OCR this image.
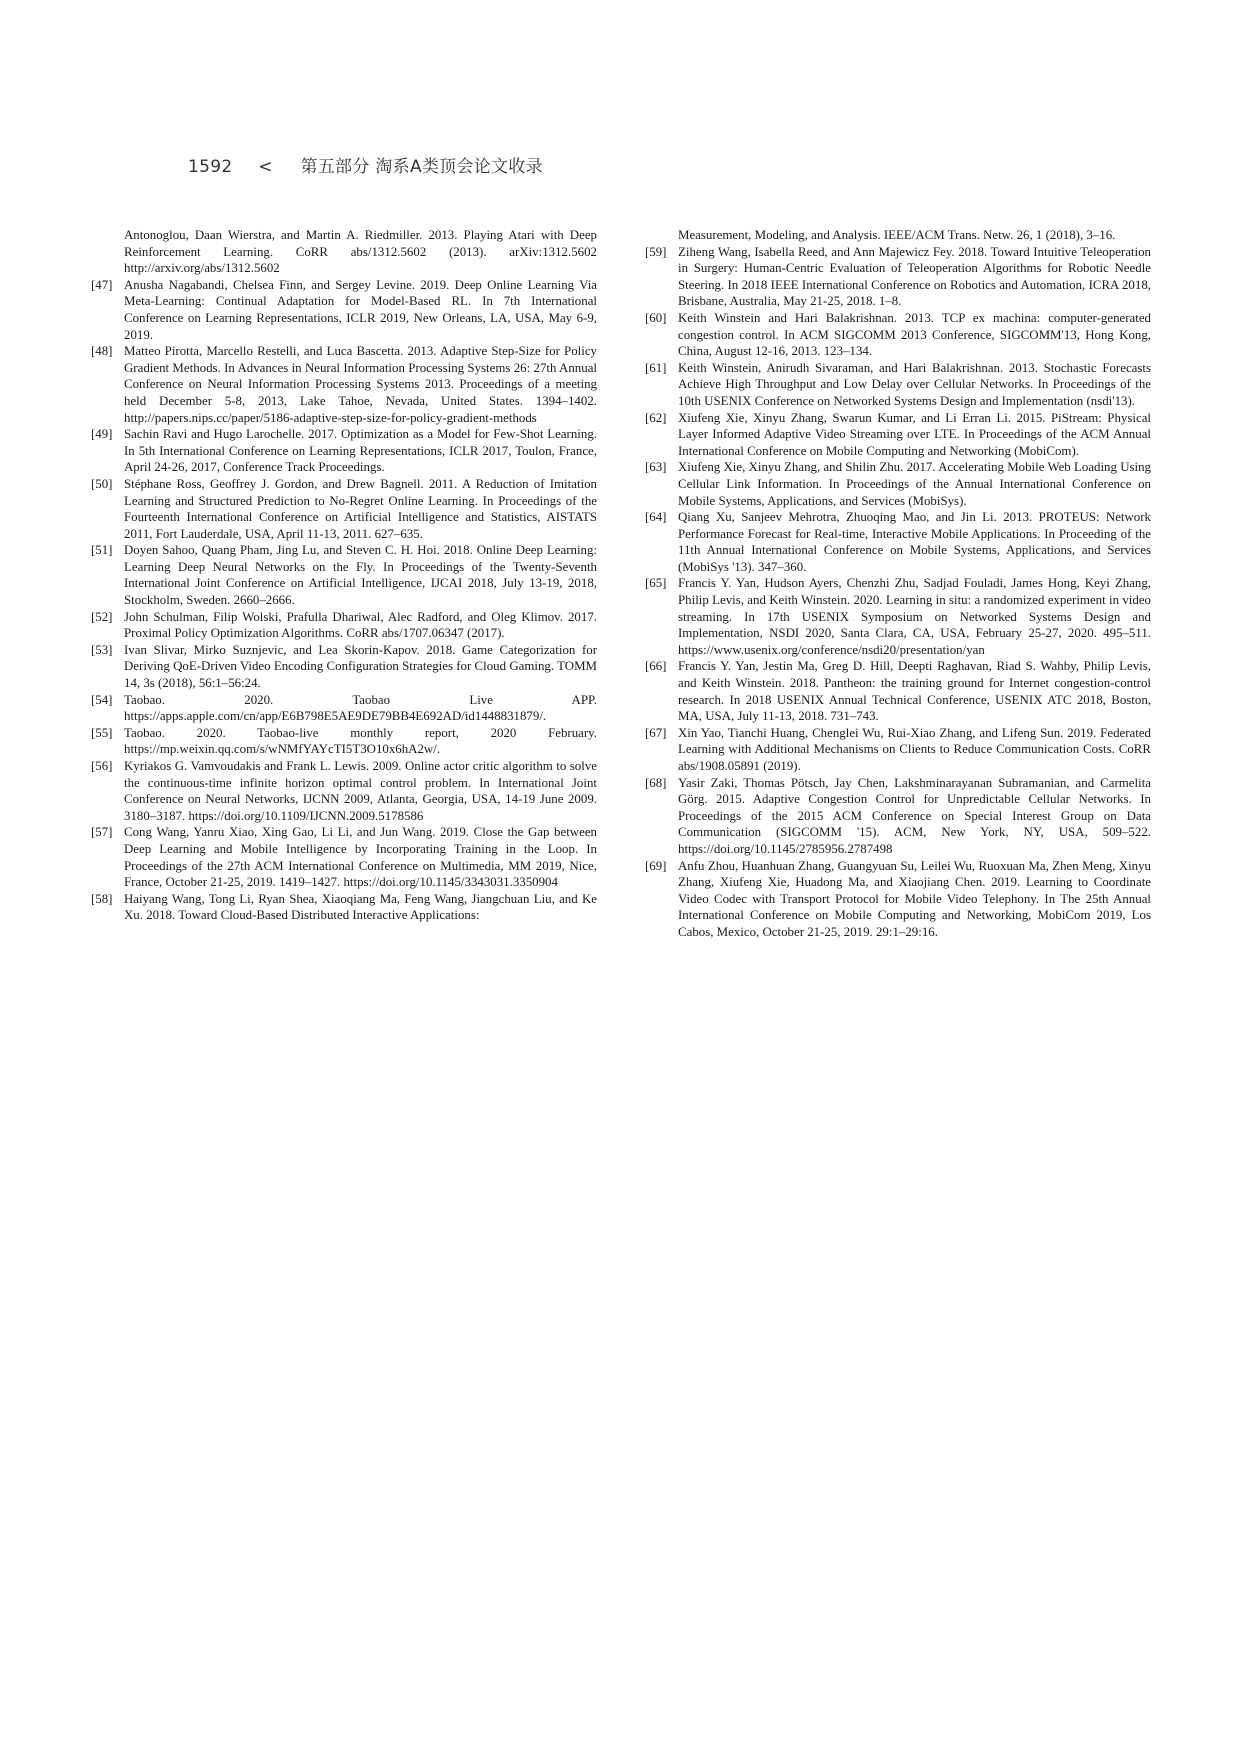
1592 < 第五部分 淘系A类顶会论文收录
Antonoglou, Daan Wierstra, and Martin A. Riedmiller. 2013. Playing Atari with Deep Reinforcement Learning. CoRR abs/1312.5602 (2013). arXiv:1312.5602 http://arxiv.org/abs/1312.5602
[47] Anusha Nagabandi, Chelsea Finn, and Sergey Levine. 2019. Deep Online Learning Via Meta-Learning: Continual Adaptation for Model-Based RL. In 7th International Conference on Learning Representations, ICLR 2019, New Orleans, LA, USA, May 6-9, 2019.
[48] Matteo Pirotta, Marcello Restelli, and Luca Bascetta. 2013. Adaptive Step-Size for Policy Gradient Methods. In Advances in Neural Information Processing Systems 26: 27th Annual Conference on Neural Information Processing Systems 2013. Proceedings of a meeting held December 5-8, 2013, Lake Tahoe, Nevada, United States. 1394–1402. http://papers.nips.cc/paper/5186-adaptive-step-size-for-policy-gradient-methods
[49] Sachin Ravi and Hugo Larochelle. 2017. Optimization as a Model for Few-Shot Learning. In 5th International Conference on Learning Representations, ICLR 2017, Toulon, France, April 24-26, 2017, Conference Track Proceedings.
[50] Stéphane Ross, Geoffrey J. Gordon, and Drew Bagnell. 2011. A Reduction of Imitation Learning and Structured Prediction to No-Regret Online Learning. In Proceedings of the Fourteenth International Conference on Artificial Intelligence and Statistics, AISTATS 2011, Fort Lauderdale, USA, April 11-13, 2011. 627–635.
[51] Doyen Sahoo, Quang Pham, Jing Lu, and Steven C. H. Hoi. 2018. Online Deep Learning: Learning Deep Neural Networks on the Fly. In Proceedings of the Twenty-Seventh International Joint Conference on Artificial Intelligence, IJCAI 2018, July 13-19, 2018, Stockholm, Sweden. 2660–2666.
[52] John Schulman, Filip Wolski, Prafulla Dhariwal, Alec Radford, and Oleg Klimov. 2017. Proximal Policy Optimization Algorithms. CoRR abs/1707.06347 (2017).
[53] Ivan Slivar, Mirko Suznjevic, and Lea Skorin-Kapov. 2018. Game Categorization for Deriving QoE-Driven Video Encoding Configuration Strategies for Cloud Gaming. TOMM 14, 3s (2018), 56:1–56:24.
[54] Taobao. 2020. Taobao Live APP. https://apps.apple.com/cn/app/E6B798E5AE9DE79BB4E692AD/id1448831879/.
[55] Taobao. 2020. Taobao-live monthly report, 2020 February. https://mp.weixin.qq.com/s/wNMfYAYcTI5T3O10x6hA2w/.
[56] Kyriakos G. Vamvoudakis and Frank L. Lewis. 2009. Online actor critic algorithm to solve the continuous-time infinite horizon optimal control problem. In International Joint Conference on Neural Networks, IJCNN 2009, Atlanta, Georgia, USA, 14-19 June 2009. 3180–3187. https://doi.org/10.1109/IJCNN.2009.5178586
[57] Cong Wang, Yanru Xiao, Xing Gao, Li Li, and Jun Wang. 2019. Close the Gap between Deep Learning and Mobile Intelligence by Incorporating Training in the Loop. In Proceedings of the 27th ACM International Conference on Multimedia, MM 2019, Nice, France, October 21-25, 2019. 1419–1427. https://doi.org/10.1145/3343031.3350904
[58] Haiyang Wang, Tong Li, Ryan Shea, Xiaoqiang Ma, Feng Wang, Jiangchuan Liu, and Ke Xu. 2018. Toward Cloud-Based Distributed Interactive Applications:
Measurement, Modeling, and Analysis. IEEE/ACM Trans. Netw. 26, 1 (2018), 3–16.
[59] Ziheng Wang, Isabella Reed, and Ann Majewicz Fey. 2018. Toward Intuitive Teleoperation in Surgery: Human-Centric Evaluation of Teleoperation Algorithms for Robotic Needle Steering. In 2018 IEEE International Conference on Robotics and Automation, ICRA 2018, Brisbane, Australia, May 21-25, 2018. 1–8.
[60] Keith Winstein and Hari Balakrishnan. 2013. TCP ex machina: computer-generated congestion control. In ACM SIGCOMM 2013 Conference, SIGCOMM'13, Hong Kong, China, August 12-16, 2013. 123–134.
[61] Keith Winstein, Anirudh Sivaraman, and Hari Balakrishnan. 2013. Stochastic Forecasts Achieve High Throughput and Low Delay over Cellular Networks. In Proceedings of the 10th USENIX Conference on Networked Systems Design and Implementation (nsdi'13).
[62] Xiufeng Xie, Xinyu Zhang, Swarun Kumar, and Li Erran Li. 2015. PiStream: Physical Layer Informed Adaptive Video Streaming over LTE. In Proceedings of the ACM Annual International Conference on Mobile Computing and Networking (MobiCom).
[63] Xiufeng Xie, Xinyu Zhang, and Shilin Zhu. 2017. Accelerating Mobile Web Loading Using Cellular Link Information. In Proceedings of the Annual International Conference on Mobile Systems, Applications, and Services (MobiSys).
[64] Qiang Xu, Sanjeev Mehrotra, Zhuoqing Mao, and Jin Li. 2013. PROTEUS: Network Performance Forecast for Real-time, Interactive Mobile Applications. In Proceeding of the 11th Annual International Conference on Mobile Systems, Applications, and Services (MobiSys '13). 347–360.
[65] Francis Y. Yan, Hudson Ayers, Chenzhi Zhu, Sadjad Fouladi, James Hong, Keyi Zhang, Philip Levis, and Keith Winstein. 2020. Learning in situ: a randomized experiment in video streaming. In 17th USENIX Symposium on Networked Systems Design and Implementation, NSDI 2020, Santa Clara, CA, USA, February 25-27, 2020. 495–511. https://www.usenix.org/conference/nsdi20/presentation/yan
[66] Francis Y. Yan, Jestin Ma, Greg D. Hill, Deepti Raghavan, Riad S. Wahby, Philip Levis, and Keith Winstein. 2018. Pantheon: the training ground for Internet congestion-control research. In 2018 USENIX Annual Technical Conference, USENIX ATC 2018, Boston, MA, USA, July 11-13, 2018. 731–743.
[67] Xin Yao, Tianchi Huang, Chenglei Wu, Rui-Xiao Zhang, and Lifeng Sun. 2019. Federated Learning with Additional Mechanisms on Clients to Reduce Communication Costs. CoRR abs/1908.05891 (2019).
[68] Yasir Zaki, Thomas Pötsch, Jay Chen, Lakshminarayanan Subramanian, and Carmelita Görg. 2015. Adaptive Congestion Control for Unpredictable Cellular Networks. In Proceedings of the 2015 ACM Conference on Special Interest Group on Data Communication (SIGCOMM '15). ACM, New York, NY, USA, 509–522. https://doi.org/10.1145/2785956.2787498
[69] Anfu Zhou, Huanhuan Zhang, Guangyuan Su, Leilei Wu, Ruoxuan Ma, Zhen Meng, Xinyu Zhang, Xiufeng Xie, Huadong Ma, and Xiaojiang Chen. 2019. Learning to Coordinate Video Codec with Transport Protocol for Mobile Video Telephony. In The 25th Annual International Conference on Mobile Computing and Networking, MobiCom 2019, Los Cabos, Mexico, October 21-25, 2019. 29:1–29:16.
